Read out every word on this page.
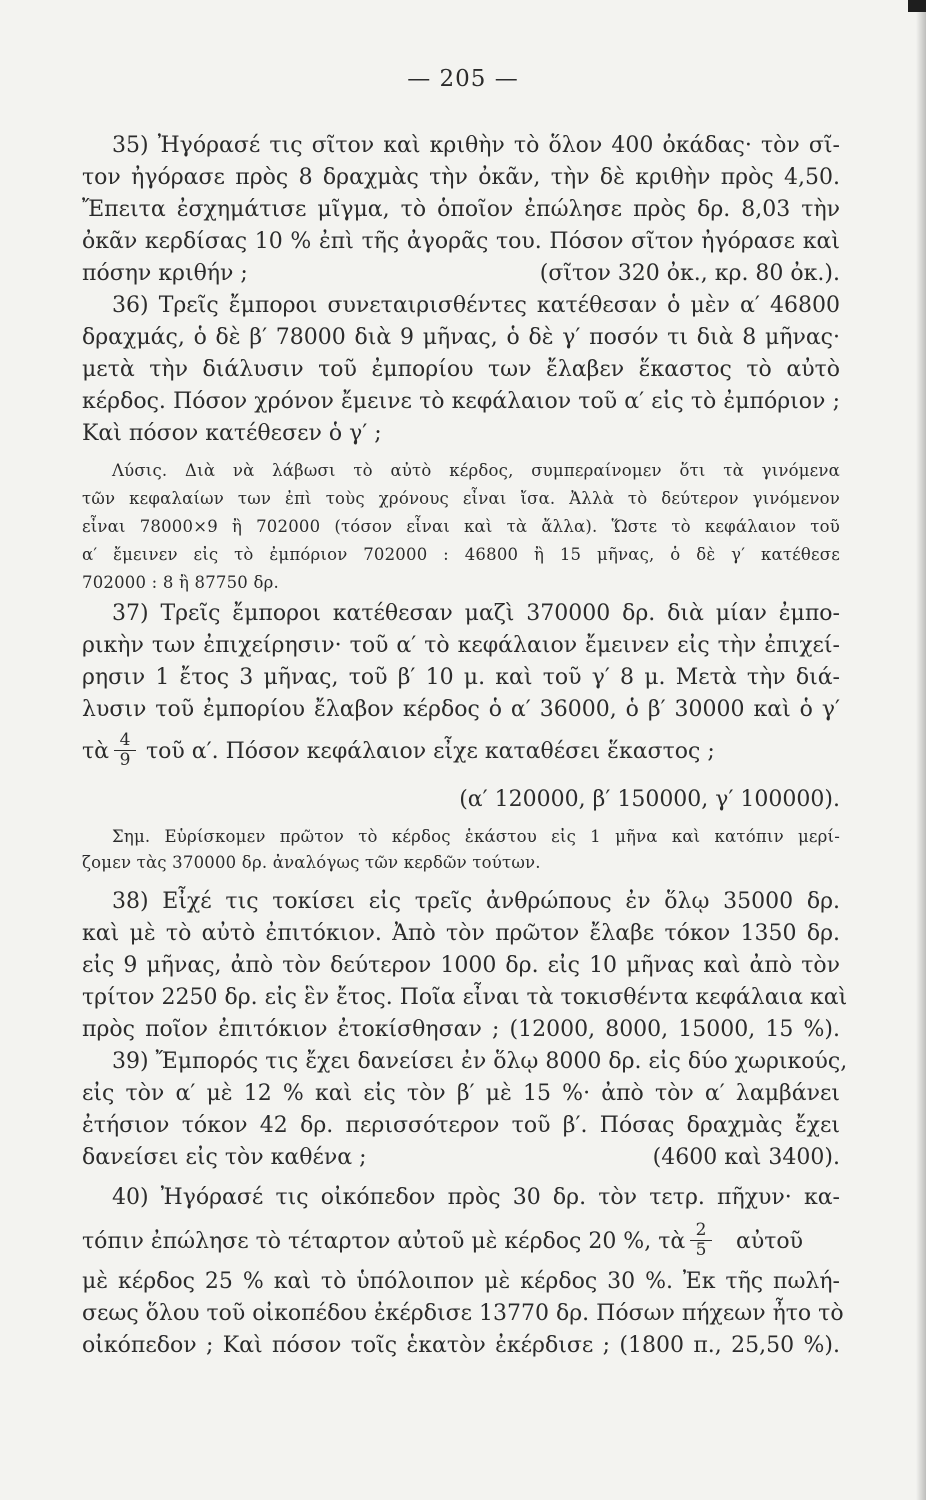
— 205 —

35) Ἠγόρασέ τις σῖτον καὶ κριθὴν τὸ ὅλον 400 ὀκάδας· τὸν σῖ-

τον ἠγόρασε πρὸς 8 δραχμὰς τὴν ὀκᾶν, τὴν δὲ κριθὴν πρὸς 4,50.

Ἔπειτα ἐσχημάτισε μῖγμα, τὸ ὁποῖον ἐπώλησε πρὸς δρ. 8,03 τὴν

ὀκᾶν κερδίσας 10 % ἐπὶ τῆς ἀγορᾶς του. Πόσον σῖτον ἠγόρασε καὶ

πόσην κριθήν ;	(σῖτον 320 ὀκ., κρ. 80 ὀκ.).

36) Τρεῖς ἔμποροι συνεταιρισθέντες κατέθεσαν ὁ μὲν α′ 46800

δραχμάς, ὁ δὲ β′ 78000 διὰ 9 μῆνας, ὁ δὲ γ′ ποσόν τι διὰ 8 μῆνας·

μετὰ τὴν διάλυσιν τοῦ ἐμπορίου των ἔλαβεν ἕκαστος τὸ αὐτὸ

κέρδος. Πόσον χρόνον ἔμεινε τὸ κεφάλαιον τοῦ α′ εἰς τὸ ἐμπόριον ;

Καὶ πόσον κατέθεσεν ὁ γ′ ;

Λύσις. Διὰ νὰ λάβωσι τὸ αὐτὸ κέρδος, συμπεραίνομεν ὅτι τὰ γινόμενα

τῶν κεφαλαίων των ἐπὶ τοὺς χρόνους εἶναι ἴσα. Ἀλλὰ τὸ δεύτερον γινόμενον

εἶναι 78000×9 ἢ 702000 (τόσον εἶναι καὶ τὰ ἄλλα). Ὥστε τὸ κεφάλαιον τοῦ

α′ ἔμεινεν εἰς τὸ ἐμπόριον 702000 : 46800 ἢ 15 μῆνας, ὁ δὲ γ′ κατέθεσε

702000 : 8 ἢ 87750 δρ.

37) Τρεῖς ἔμποροι κατέθεσαν μαζὶ 370000 δρ. διὰ μίαν ἐμπο-

ρικὴν των ἐπιχείρησιν· τοῦ α′ τὸ κεφάλαιον ἔμεινεν εἰς τὴν ἐπιχεί-

ρησιν 1 ἔτος 3 μῆνας, τοῦ β′ 10 μ. καὶ τοῦ γ′ 8 μ. Μετὰ τὴν διά-

λυσιν τοῦ ἐμπορίου ἔλαβον κέρδος ὁ α′ 36000, ὁ β′ 30000 καὶ ὁ γ′

τὰ $\frac{4}{9}$ τοῦ α′. Πόσον κεφάλαιον εἶχε καταθέσει ἕκαστος ;

(α′ 120000, β′ 150000, γ′ 100000).

Σημ. Εὑρίσκομεν πρῶτον τὸ κέρδος ἑκάστου εἰς 1 μῆνα καὶ κατόπιν μερί-

ζομεν τὰς 370000 δρ. ἀναλόγως τῶν κερδῶν τούτων.

38) Εἶχέ τις τοκίσει εἰς τρεῖς ἀνθρώπους ἐν ὅλῳ 35000 δρ.

καὶ μὲ τὸ αὐτὸ ἐπιτόκιον. Ἀπὸ τὸν πρῶτον ἔλαβε τόκον 1350 δρ.

εἰς 9 μῆνας, ἀπὸ τὸν δεύτερον 1000 δρ. εἰς 10 μῆνας καὶ ἀπὸ τὸν

τρίτον 2250 δρ. εἰς ἓν ἔτος. Ποῖα εἶναι τὰ τοκισθέντα κεφάλαια καὶ

πρὸς ποῖον ἐπιτόκιον ἐτοκίσθησαν ; (12000, 8000, 15000, 15 %).

39) Ἔμπορός τις ἔχει δανείσει ἐν ὅλῳ 8000 δρ. εἰς δύο χωρικούς,

εἰς τὸν α′ μὲ 12 % καὶ εἰς τὸν β′ μὲ 15 %· ἀπὸ τὸν α′ λαμβάνει

ἐτήσιον τόκον 42 δρ. περισσότερον τοῦ β′. Πόσας δραχμὰς ἔχει

δανείσει εἰς τὸν καθένα ;	(4600 καὶ 3400).

40) Ἠγόρασέ τις οἰκόπεδον πρὸς 30 δρ. τὸν τετρ. πῆχυν· κα-

τόπιν ἐπώλησε τὸ τέταρτον αὐτοῦ μὲ κέρδος 20 %, τὰ $\frac{2}{5}$ αὐτοῦ

μὲ κέρδος 25 % καὶ τὸ ὑπόλοιπον μὲ κέρδος 30 %. Ἐκ τῆς πωλή-

σεως ὅλου τοῦ οἰκοπέδου ἐκέρδισε 13770 δρ. Πόσων πήχεων ἦτο τὸ

οἰκόπεδον ; Καὶ πόσον τοῖς ἑκατὸν ἐκέρδισε ; (1800 π., 25,50 %).
